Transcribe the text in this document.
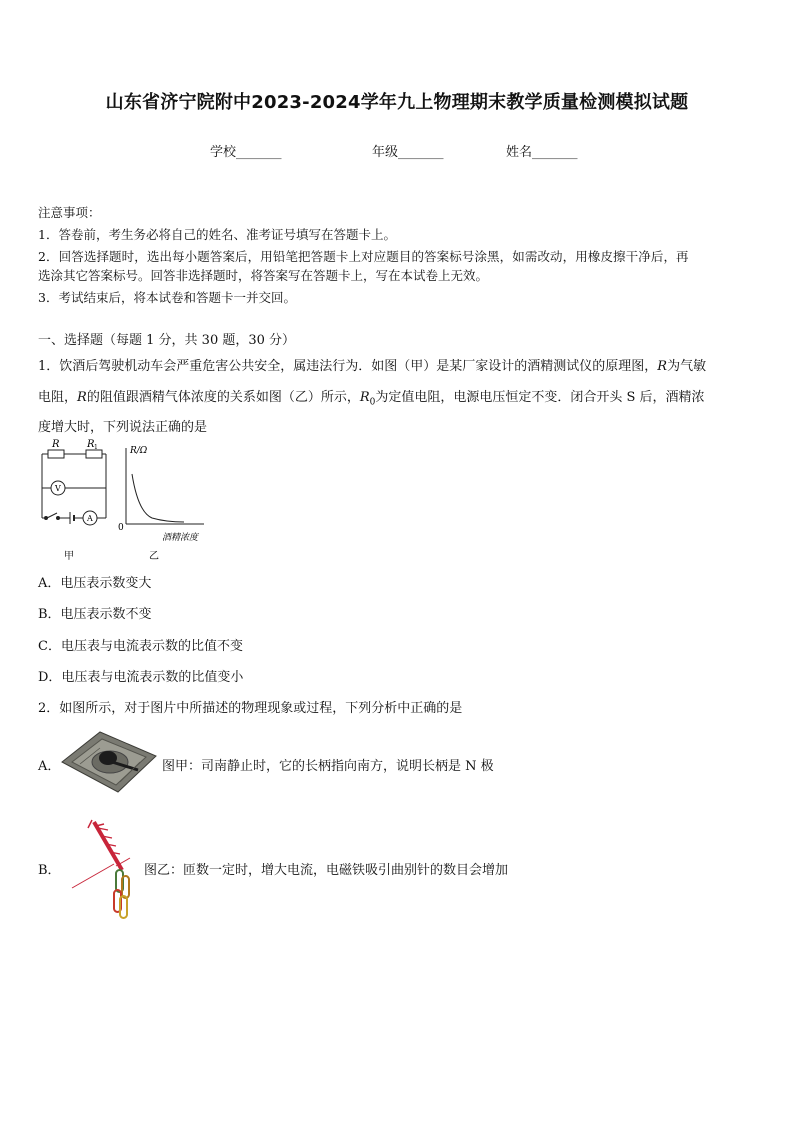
山东省济宁院附中2023-2024学年九上物理期末教学质量检测模拟试题
学校_______	年级_______	姓名_______
注意事项：
1．答卷前，考生务必将自己的姓名、准考证号填写在答题卡上。
2．回答选择题时，选出每小题答案后，用铅笔把答题卡上对应题目的答案标号涂黑，如需改动，用橡皮擦干净后，再
选涂其它答案标号。回答非选择题时，将答案写在答题卡上，写在本试卷上无效。
3．考试结束后，将本试卷和答题卡一并交回。
一、选择题（每题 1 分，共 30 题，30 分）
1．饮酒后驾驶机动车会严重危害公共安全，属违法行为．如图（甲）是某厂家设计的酒精测试仪的原理图，R为气敏
电阻，R的阻值跟酒精气体浓度的关系如图（乙）所示，$R_0$为定值电阻，电源电压恒定不变．闭合开头 S 后，酒精浓
度增大时，下列说法正确的是
R	R 1
V
A
甲
R/Ω
0
酒精浓度
乙
A．电压表示数变大
B．电压表示数不变
C．电压表与电流表示数的比值不变
D．电压表与电流表示数的比值变小
2．如图所示，对于图片中所描述的物理现象或过程，下列分析中正确的是
A．	图甲：司南静止时，它的长柄指向南方，说明长柄是 N 极
B．	图乙：匝数一定时，增大电流，电磁铁吸引曲别针的数目会增加
